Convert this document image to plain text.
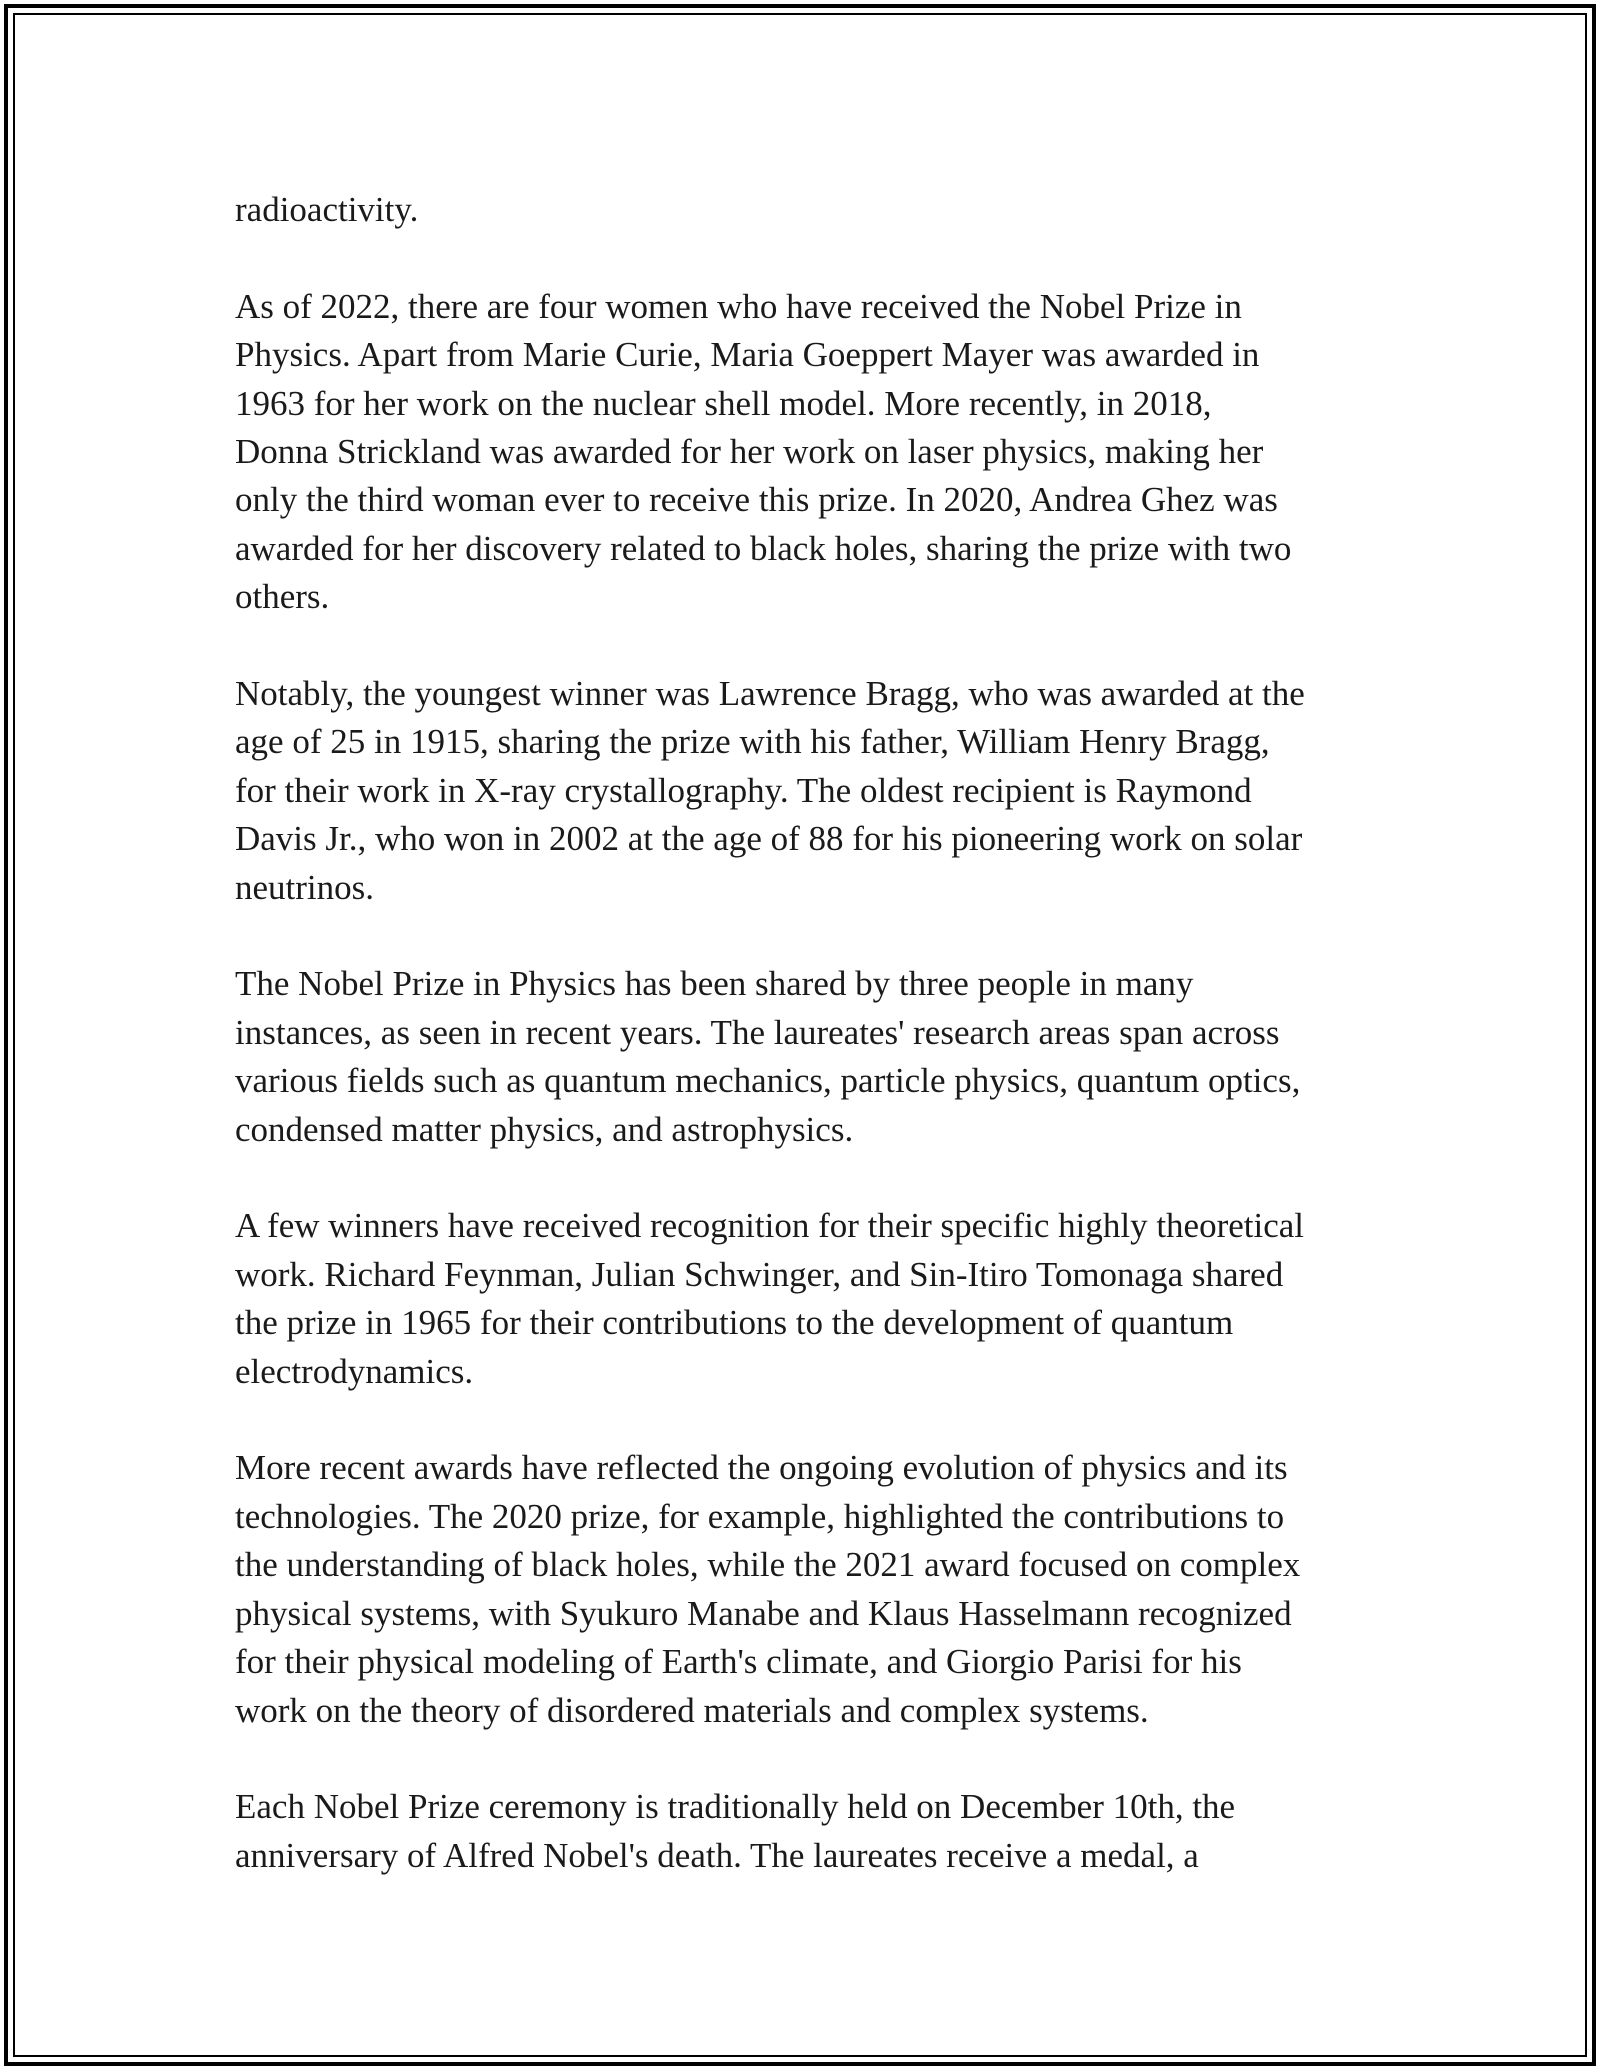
radioactivity.

As of 2022, there are four women who have received the Nobel Prize in
Physics. Apart from Marie Curie, Maria Goeppert Mayer was awarded in
1963 for her work on the nuclear shell model. More recently, in 2018,
Donna Strickland was awarded for her work on laser physics, making her
only the third woman ever to receive this prize. In 2020, Andrea Ghez was
awarded for her discovery related to black holes, sharing the prize with two
others.

Notably, the youngest winner was Lawrence Bragg, who was awarded at the
age of 25 in 1915, sharing the prize with his father, William Henry Bragg,
for their work in X-ray crystallography. The oldest recipient is Raymond
Davis Jr., who won in 2002 at the age of 88 for his pioneering work on solar
neutrinos.

The Nobel Prize in Physics has been shared by three people in many
instances, as seen in recent years. The laureates' research areas span across
various fields such as quantum mechanics, particle physics, quantum optics,
condensed matter physics, and astrophysics.

A few winners have received recognition for their specific highly theoretical
work. Richard Feynman, Julian Schwinger, and Sin-Itiro Tomonaga shared
the prize in 1965 for their contributions to the development of quantum
electrodynamics.

More recent awards have reflected the ongoing evolution of physics and its
technologies. The 2020 prize, for example, highlighted the contributions to
the understanding of black holes, while the 2021 award focused on complex
physical systems, with Syukuro Manabe and Klaus Hasselmann recognized
for their physical modeling of Earth's climate, and Giorgio Parisi for his
work on the theory of disordered materials and complex systems.

Each Nobel Prize ceremony is traditionally held on December 10th, the
anniversary of Alfred Nobel's death. The laureates receive a medal, a
